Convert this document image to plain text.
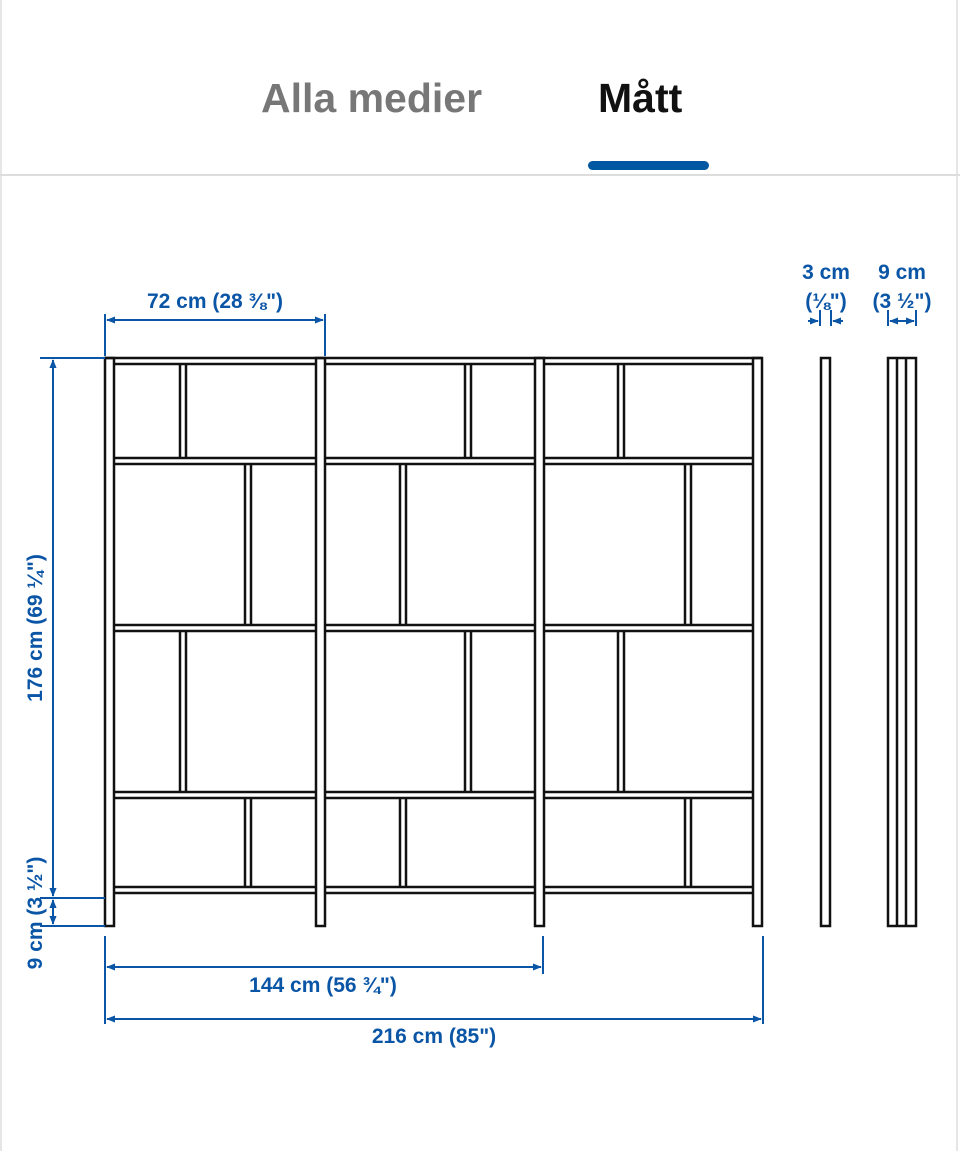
Alla medier	Mått
72 cm (28 ⅜")
176 cm (69 ¼")
9 cm (3 ½")
144 cm (56 ¾")
216 cm (85")
3 cm
(⅛")
9 cm
(3 ½")
